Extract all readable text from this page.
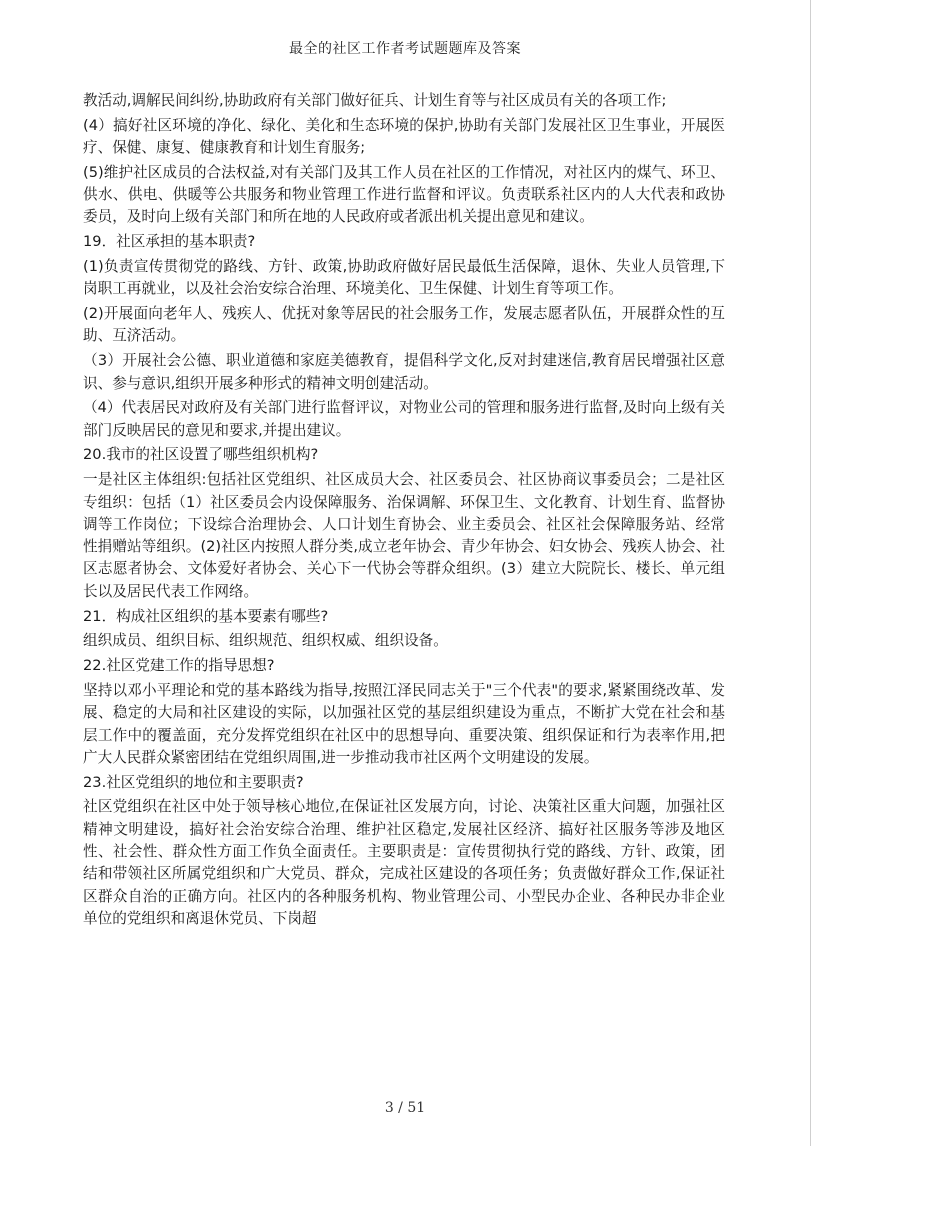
最全的社区工作者考试题题库及答案

教活动,调解民间纠纷,协助政府有关部门做好征兵、计划生育等与社区成员有关的各项工作;

(4）搞好社区环境的净化、绿化、美化和生态环境的保护,协助有关部门发展社区卫生事业，开展医疗、保健、康复、健康教育和计划生育服务;

(5)维护社区成员的合法权益,对有关部门及其工作人员在社区的工作情况，对社区内的煤气、环卫、供水、供电、供暖等公共服务和物业管理工作进行监督和评议。负责联系社区内的人大代表和政协委员，及时向上级有关部门和所在地的人民政府或者派出机关提出意见和建议。

19．社区承担的基本职责?

(1)负责宣传贯彻党的路线、方针、政策,协助政府做好居民最低生活保障，退休、失业人员管理,下岗职工再就业，以及社会治安综合治理、环境美化、卫生保健、计划生育等项工作。

(2)开展面向老年人、残疾人、优抚对象等居民的社会服务工作，发展志愿者队伍，开展群众性的互助、互济活动。

（3）开展社会公德、职业道德和家庭美德教育，提倡科学文化,反对封建迷信,教育居民增强社区意识、参与意识,组织开展多种形式的精神文明创建活动。

（4）代表居民对政府及有关部门进行监督评议，对物业公司的管理和服务进行监督,及时向上级有关部门反映居民的意见和要求,并提出建议。

20.我市的社区设置了哪些组织机构?

一是社区主体组织:包括社区党组织、社区成员大会、社区委员会、社区协商议事委员会；二是社区专组织：包括（1）社区委员会内设保障服务、治保调解、环保卫生、文化教育、计划生育、监督协调等工作岗位；下设综合治理协会、人口计划生育协会、业主委员会、社区社会保障服务站、经常性捐赠站等组织。(2)社区内按照人群分类,成立老年协会、青少年协会、妇女协会、残疾人协会、社区志愿者协会、文体爱好者协会、关心下一代协会等群众组织。(3）建立大院院长、楼长、单元组长以及居民代表工作网络。

21．构成社区组织的基本要素有哪些?

组织成员、组织目标、组织规范、组织权威、组织设备。

22.社区党建工作的指导思想?

坚持以邓小平理论和党的基本路线为指导,按照江泽民同志关于"三个代表"的要求,紧紧围绕改革、发展、稳定的大局和社区建设的实际，以加强社区党的基层组织建设为重点，不断扩大党在社会和基层工作中的覆盖面，充分发挥党组织在社区中的思想导向、重要决策、组织保证和行为表率作用,把广大人民群众紧密团结在党组织周围,进一步推动我市社区两个文明建设的发展。

23.社区党组织的地位和主要职责?

社区党组织在社区中处于领导核心地位,在保证社区发展方向，讨论、决策社区重大问题，加强社区精神文明建设，搞好社会治安综合治理、维护社区稳定,发展社区经济、搞好社区服务等涉及地区性、社会性、群众性方面工作负全面责任。主要职责是：宣传贯彻执行党的路线、方针、政策，团结和带领社区所属党组织和广大党员、群众，完成社区建设的各项任务；负责做好群众工作,保证社区群众自治的正确方向。社区内的各种服务机构、物业管理公司、小型民办企业、各种民办非企业单位的党组织和离退休党员、下岗超

3 / 51
